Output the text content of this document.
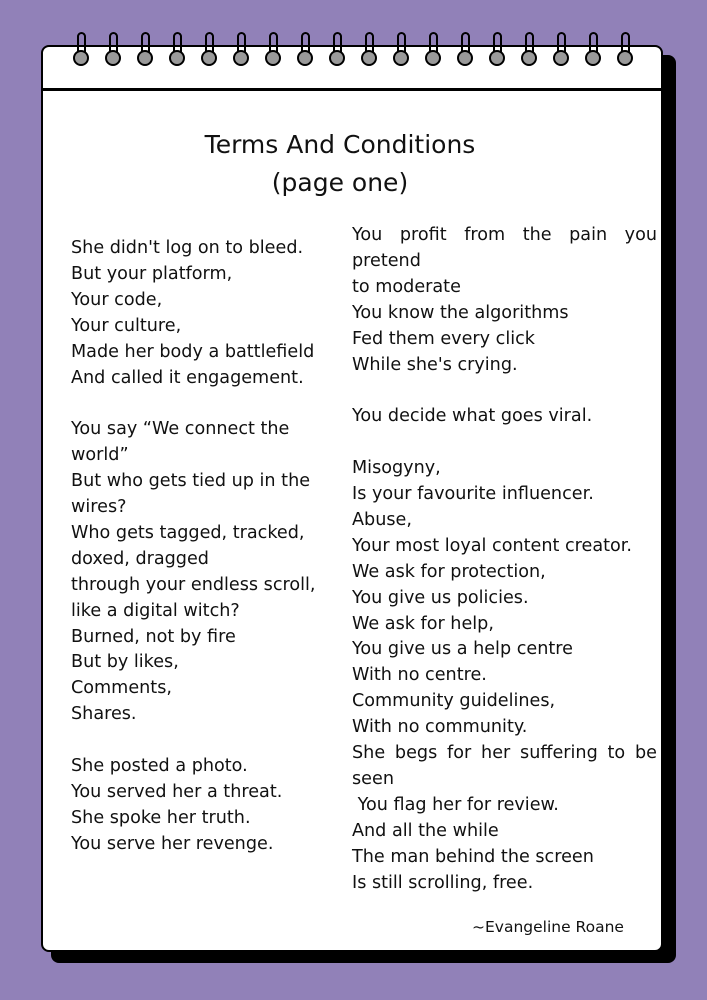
Terms And Conditions
(page one)
She didn't log on to bleed.
But your platform,
Your code,
Your culture,
Made her body a battlefield
And called it engagement.
You say “We connect the
world”
But who gets tied up in the
wires?
Who gets tagged, tracked,
doxed, dragged
through your endless scroll,
like a digital witch?
Burned, not by fire
But by likes,
Comments,
Shares.
She posted a photo.
You served her a threat.
She spoke her truth.
You serve her revenge.
You profit from the pain you
pretend
to moderate
You know the algorithms
Fed them every click
While she's crying.
You decide what goes viral.
Misogyny,
Is your favourite influencer.
Abuse,
Your most loyal content creator.
We ask for protection,
You give us policies.
We ask for help,
You give us a help centre
With no centre.
Community guidelines,
With no community.
She begs for her suffering to be
seen
You flag her for review.
And all the while
The man behind the screen
Is still scrolling, free.
~Evangeline Roane
